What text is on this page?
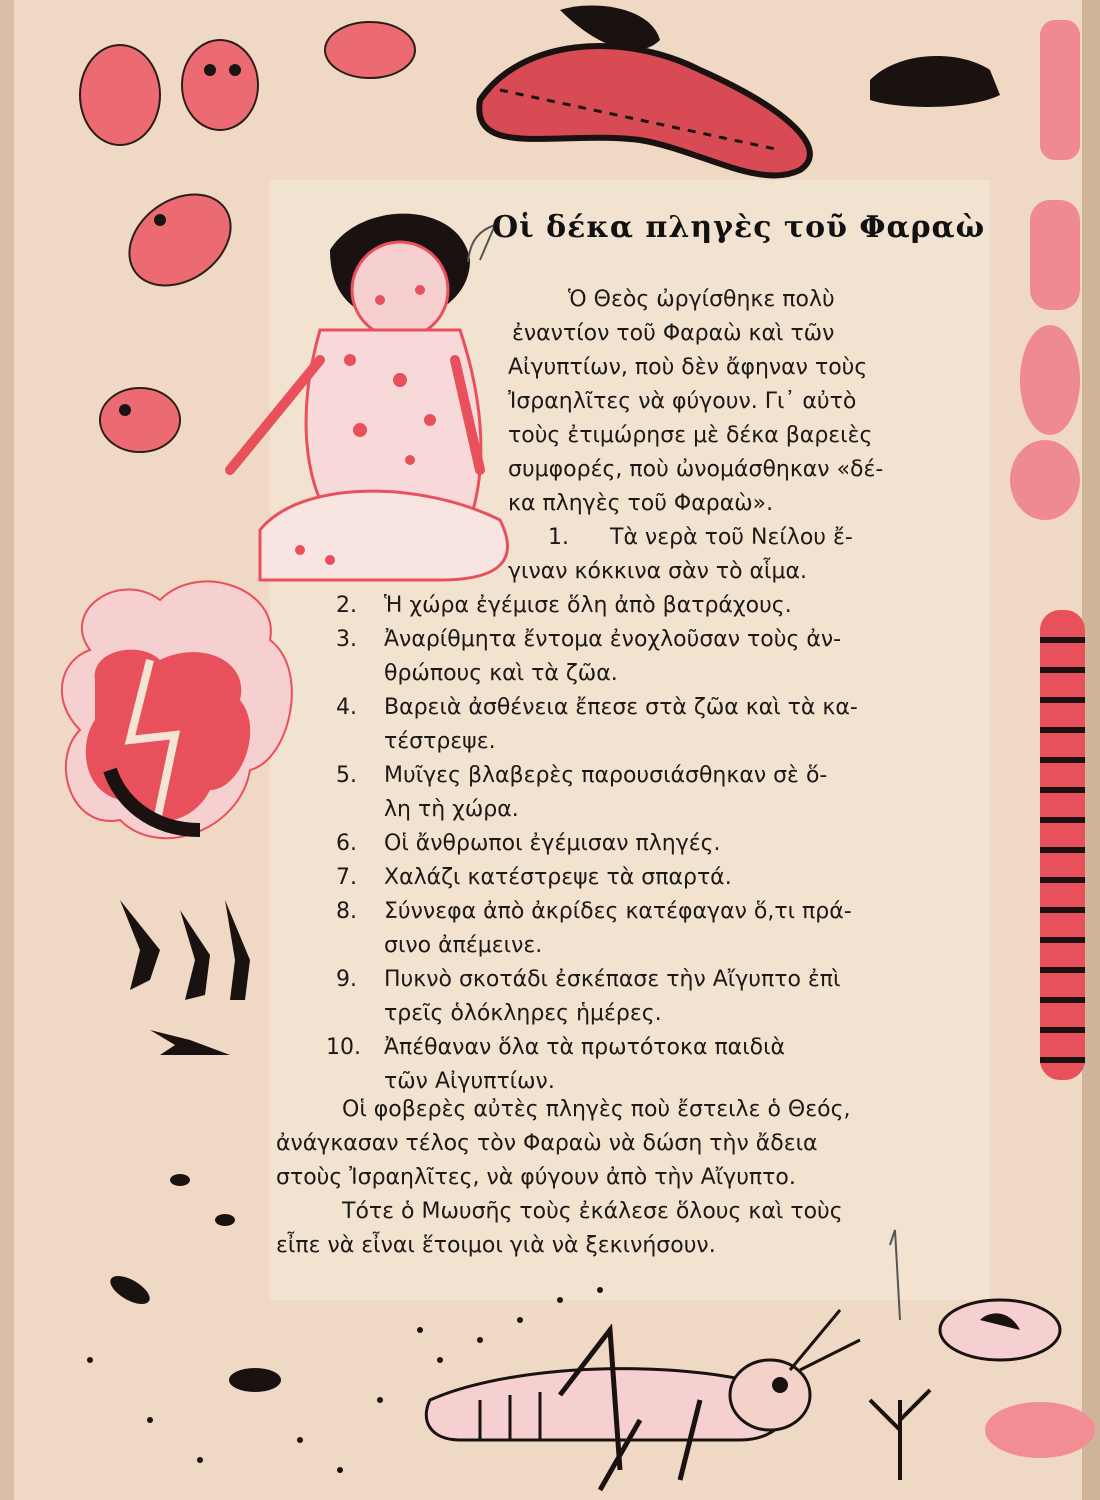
Οἱ δέκα πληγὲς τοῦ Φαραὼ
Ὁ Θεὸς ὠργίσθηκε πολὺ
ἐναντίον τοῦ Φαραὼ καὶ τῶν
Αἰγυπτίων, ποὺ δὲν ἄφηναν τοὺς
Ἰσραηλῖτες νὰ φύγουν. Γι᾿ αὐτὸ
τοὺς ἐτιμώρησε μὲ δέκα βαρειὲς
συμφορές, ποὺ ὠνομάσθηκαν «δέ-
κα πληγὲς τοῦ Φαραὼ».
1. Τὰ νερὰ τοῦ Νείλου ἔ-
γιναν κόκκινα σὰν τὸ αἷμα.
2. Ἡ χώρα ἐγέμισε ὅλη ἀπὸ βατράχους.
3. Ἀναρίθμητα ἔντομα ἐνοχλοῦσαν τοὺς ἀν-
θρώπους καὶ τὰ ζῶα.
4. Βαρειὰ ἀσθένεια ἔπεσε στὰ ζῶα καὶ τὰ κα-
τέστρεψε.
5. Μυῖγες βλαβερὲς παρουσιάσθηκαν σὲ ὅ-
λη τὴ χώρα.
6. Οἱ ἄνθρωποι ἐγέμισαν πληγές.
7. Χαλάζι κατέστρεψε τὰ σπαρτά.
8. Σύννεφα ἀπὸ ἀκρίδες κατέφαγαν ὅ,τι πρά-
σινο ἀπέμεινε.
9. Πυκνὸ σκοτάδι ἐσκέπασε τὴν Αἴγυπτο ἐπὶ
τρεῖς ὁλόκληρες ἡμέρες.
10. Ἀπέθαναν ὅλα τὰ πρωτότοκα παιδιὰ
τῶν Αἰγυπτίων.
Οἱ φοβερὲς αὐτὲς πληγὲς ποὺ ἔστειλε ὁ Θεός,
ἀνάγκασαν τέλος τὸν Φαραὼ νὰ δώση τὴν ἄδεια
στοὺς Ἰσραηλῖτες, νὰ φύγουν ἀπὸ τὴν Αἴγυπτο.
Τότε ὁ Μωυσῆς τοὺς ἐκάλεσε ὅλους καὶ τοὺς
εἶπε νὰ εἶναι ἕτοιμοι γιὰ νὰ ξεκινήσουν.
